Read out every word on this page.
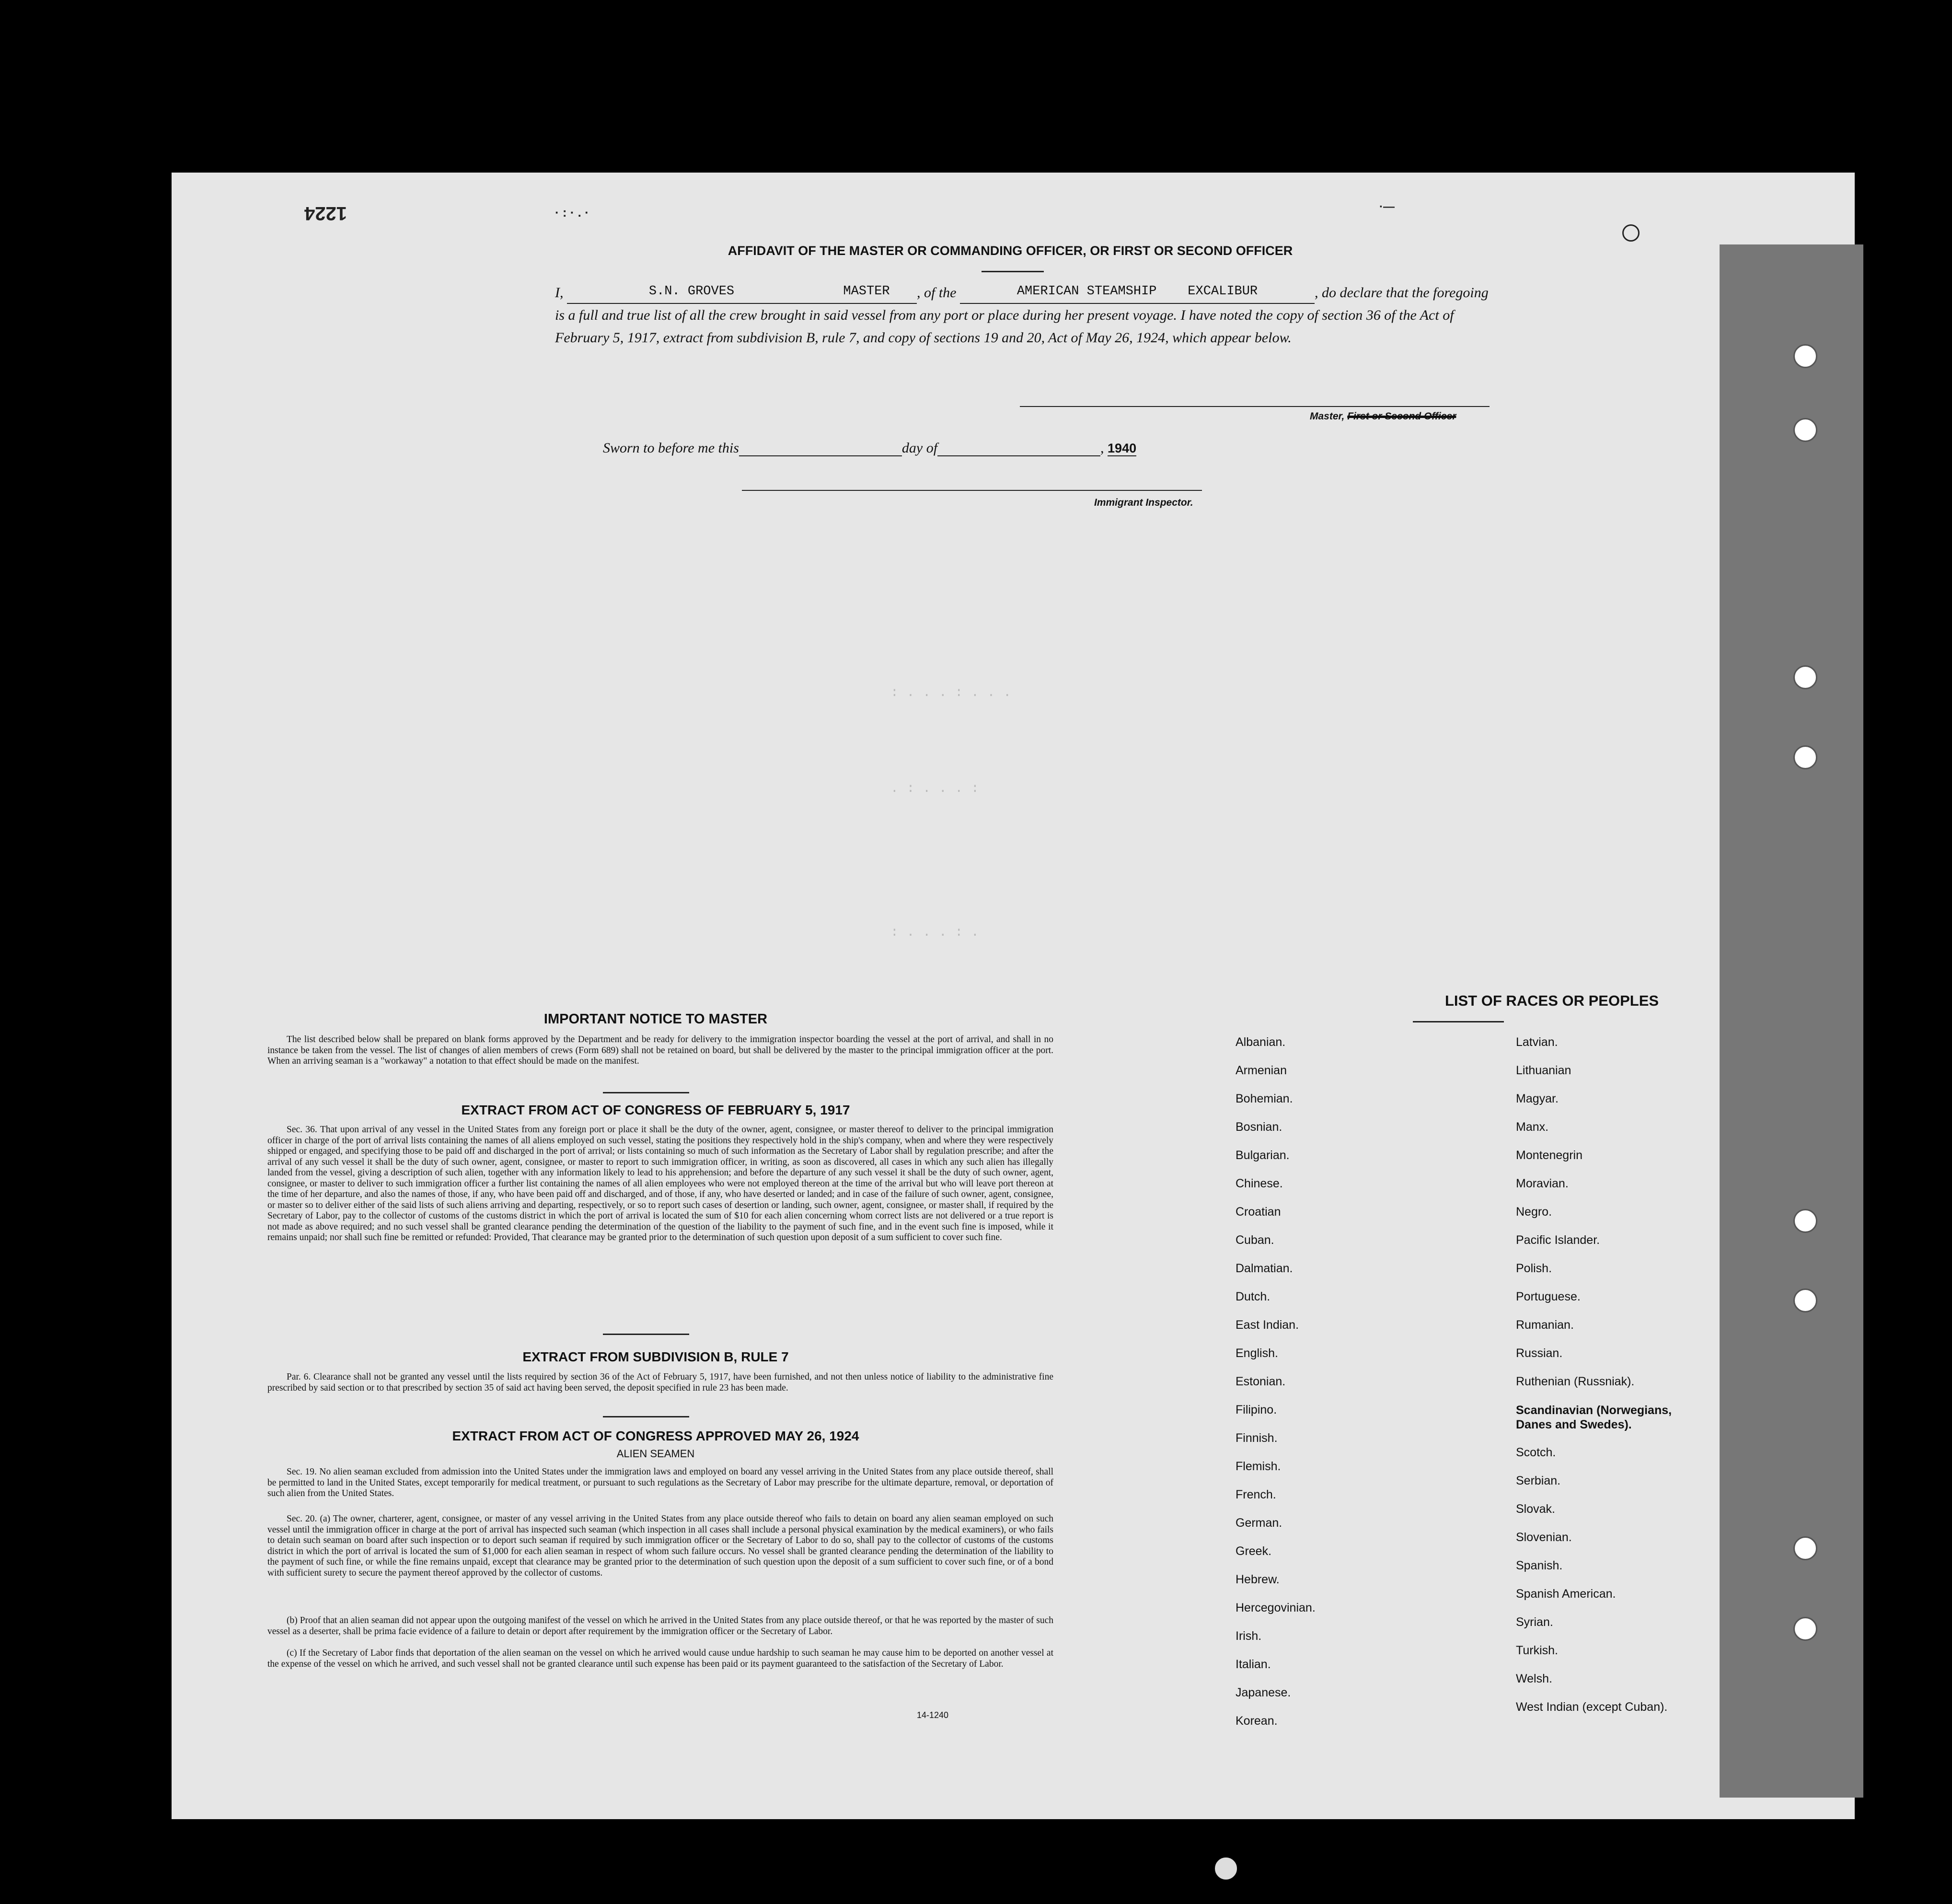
1224	· : · . ·	·—
: . . . : . . .
. : . . . :
: . . . : .
AFFIDAVIT OF THE MASTER OR COMMANDING OFFICER, OR FIRST OR SECOND OFFICER
I,	S.N. GROVES	MASTER , of the	AMERICAN STEAMSHIP    EXCALIBUR	, do declare that the foregoing is a full and true list of all the crew brought in said vessel from any port or place during her present voyage. I have noted the copy of section 36 of the Act of February 5, 1917, extract from subdivision B, rule 7, and copy of sections 19 and 20, Act of May 26, 1924, which appear below.
Master, First or Second Officer
Sworn to before me this	day of	, 1940
Immigrant Inspector.
IMPORTANT NOTICE TO MASTER
The list described below shall be prepared on blank forms approved by the Department and be ready for delivery to the immigration inspector boarding the vessel at the port of arrival, and shall in no instance be taken from the vessel. The list of changes of alien members of crews (Form 689) shall not be retained on board, but shall be delivered by the master to the principal immigration officer at the port. When an arriving seaman is a "workaway" a notation to that effect should be made on the manifest.
EXTRACT FROM ACT OF CONGRESS OF FEBRUARY 5, 1917
Sec. 36. That upon arrival of any vessel in the United States from any foreign port or place it shall be the duty of the owner, agent, consignee, or master thereof to deliver to the principal immigration officer in charge of the port of arrival lists containing the names of all aliens employed on such vessel, stating the positions they respectively hold in the ship's company, when and where they were respectively shipped or engaged, and specifying those to be paid off and discharged in the port of arrival; or lists containing so much of such information as the Secretary of Labor shall by regulation prescribe; and after the arrival of any such vessel it shall be the duty of such owner, agent, consignee, or master to report to such immigration officer, in writing, as soon as discovered, all cases in which any such alien has illegally landed from the vessel, giving a description of such alien, together with any information likely to lead to his apprehension; and before the departure of any such vessel it shall be the duty of such owner, agent, consignee, or master to deliver to such immigration officer a further list containing the names of all alien employees who were not employed thereon at the time of the arrival but who will leave port thereon at the time of her departure, and also the names of those, if any, who have been paid off and discharged, and of those, if any, who have deserted or landed; and in case of the failure of such owner, agent, consignee, or master so to deliver either of the said lists of such aliens arriving and departing, respectively, or so to report such cases of desertion or landing, such owner, agent, consignee, or master shall, if required by the Secretary of Labor, pay to the collector of customs of the customs district in which the port of arrival is located the sum of $10 for each alien concerning whom correct lists are not delivered or a true report is not made as above required; and no such vessel shall be granted clearance pending the determination of the question of the liability to the payment of such fine, and in the event such fine is imposed, while it remains unpaid; nor shall such fine be remitted or refunded: Provided, That clearance may be granted prior to the determination of such question upon deposit of a sum sufficient to cover such fine.
EXTRACT FROM SUBDIVISION B, RULE 7
Par. 6. Clearance shall not be granted any vessel until the lists required by section 36 of the Act of February 5, 1917, have been furnished, and not then unless notice of liability to the administrative fine prescribed by said section or to that prescribed by section 35 of said act having been served, the deposit specified in rule 23 has been made.
EXTRACT FROM ACT OF CONGRESS APPROVED MAY 26, 1924
ALIEN SEAMEN
Sec. 19. No alien seaman excluded from admission into the United States under the immigration laws and employed on board any vessel arriving in the United States from any place outside thereof, shall be permitted to land in the United States, except temporarily for medical treatment, or pursuant to such regulations as the Secretary of Labor may prescribe for the ultimate departure, removal, or deportation of such alien from the United States.
Sec. 20. (a) The owner, charterer, agent, consignee, or master of any vessel arriving in the United States from any place outside thereof who fails to detain on board any alien seaman employed on such vessel until the immigration officer in charge at the port of arrival has inspected such seaman (which inspection in all cases shall include a personal physical examination by the medical examiners), or who fails to detain such seaman on board after such inspection or to deport such seaman if required by such immigration officer or the Secretary of Labor to do so, shall pay to the collector of customs of the customs district in which the port of arrival is located the sum of $1,000 for each alien seaman in respect of whom such failure occurs. No vessel shall be granted clearance pending the determination of the liability to the payment of such fine, or while the fine remains unpaid, except that clearance may be granted prior to the determination of such question upon the deposit of a sum sufficient to cover such fine, or of a bond with sufficient surety to secure the payment thereof approved by the collector of customs.
(b) Proof that an alien seaman did not appear upon the outgoing manifest of the vessel on which he arrived in the United States from any place outside thereof, or that he was reported by the master of such vessel as a deserter, shall be prima facie evidence of a failure to detain or deport after requirement by the immigration officer or the Secretary of Labor.
(c) If the Secretary of Labor finds that deportation of the alien seaman on the vessel on which he arrived would cause undue hardship to such seaman he may cause him to be deported on another vessel at the expense of the vessel on which he arrived, and such vessel shall not be granted clearance until such expense has been paid or its payment guaranteed to the satisfaction of the Secretary of Labor.
14-1240
LIST OF RACES OR PEOPLES
Albanian.
Armenian
Bohemian.
Bosnian.
Bulgarian.
Chinese.
Croatian
Cuban.
Dalmatian.
Dutch.
East Indian.
English.
Estonian.
Filipino.
Finnish.
Flemish.
French.
German.
Greek.
Hebrew.
Hercegovinian.
Irish.
Italian.
Japanese.
Korean.
Latvian.
Lithuanian
Magyar.
Manx.
Montenegrin
Moravian.
Negro.
Pacific Islander.
Polish.
Portuguese.
Rumanian.
Russian.
Ruthenian (Russniak).
Scandinavian (Norwegians, Danes and Swedes).
Scotch.
Serbian.
Slovak.
Slovenian.
Spanish.
Spanish American.
Syrian.
Turkish.
Welsh.
West Indian (except Cuban).
